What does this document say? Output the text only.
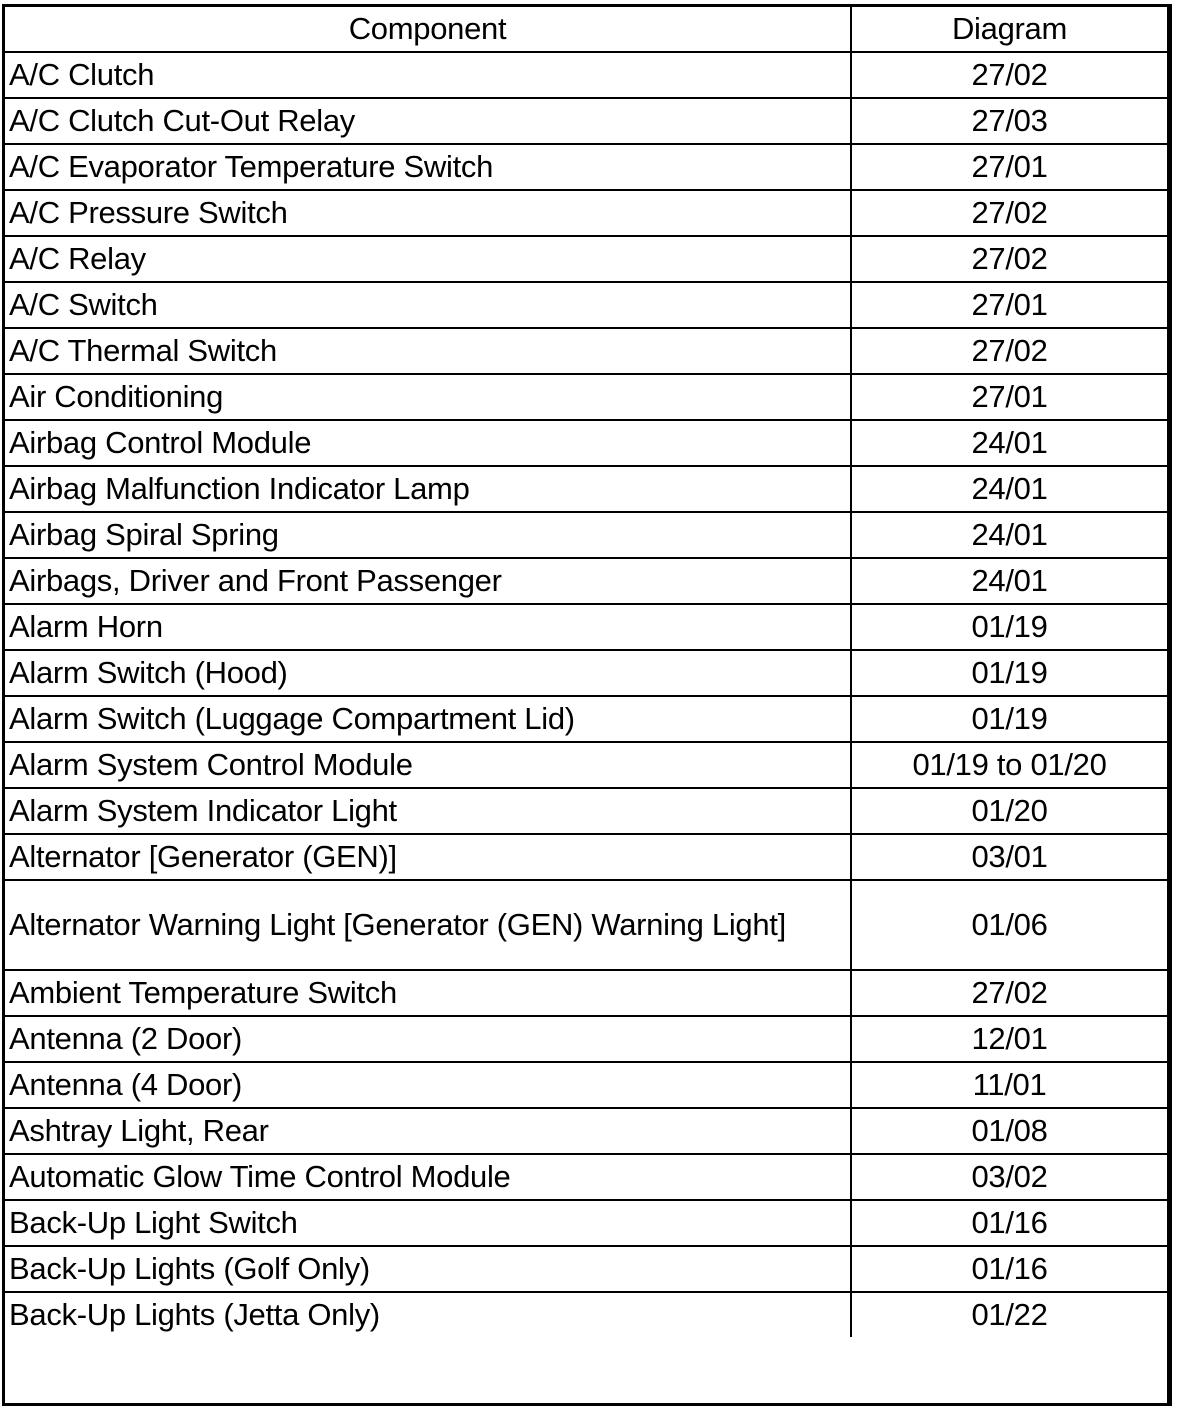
Component	Diagram
A/C Clutch	27/02
A/C Clutch Cut-Out Relay	27/03
A/C Evaporator Temperature Switch	27/01
A/C Pressure Switch	27/02
A/C Relay	27/02
A/C Switch	27/01
A/C Thermal Switch	27/02
Air Conditioning	27/01
Airbag Control Module	24/01
Airbag Malfunction Indicator Lamp	24/01
Airbag Spiral Spring	24/01
Airbags, Driver and Front Passenger	24/01
Alarm Horn	01/19
Alarm Switch (Hood)	01/19
Alarm Switch (Luggage Compartment Lid)	01/19
Alarm System Control Module	01/19 to 01/20
Alarm System Indicator Light	01/20
Alternator [Generator (GEN)]	03/01
Alternator Warning Light [Generator (GEN) Warning Light]	01/06
Ambient Temperature Switch	27/02
Antenna (2 Door)	12/01
Antenna (4 Door)	11/01
Ashtray Light, Rear	01/08
Automatic Glow Time Control Module	03/02
Back-Up Light Switch	01/16
Back-Up Lights (Golf Only)	01/16
Back-Up Lights (Jetta Only)	01/22
